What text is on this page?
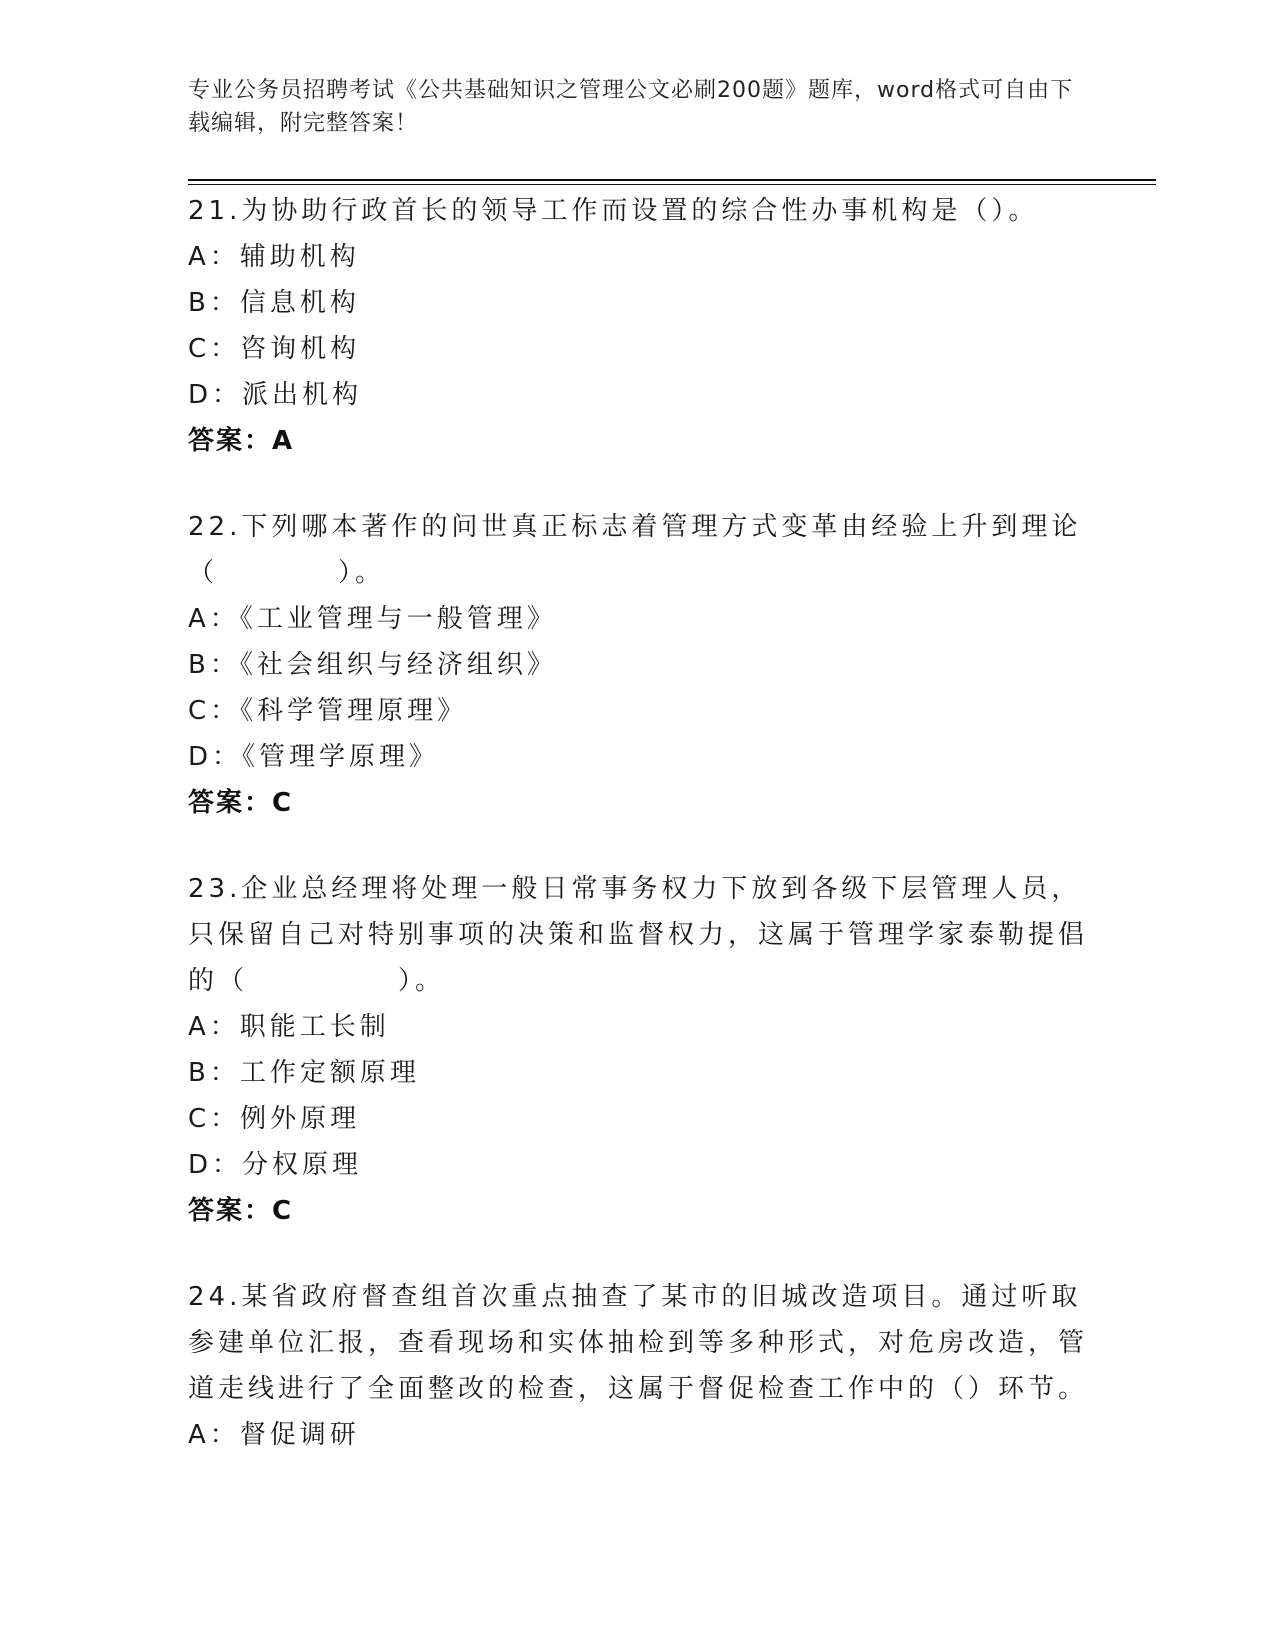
专业公务员招聘考试《公共基础知识之管理公文必刷200题》题库，word格式可自由下载编辑，附完整答案！
21.为协助行政首长的领导工作而设置的综合性办事机构是（）。
A：辅助机构
B：信息机构
C：咨询机构
D：派出机构
答案：A
22.下列哪本著作的问世真正标志着管理方式变革由经验上升到理论（　　　　）。
A：《工业管理与一般管理》
B：《社会组织与经济组织》
C：《科学管理原理》
D：《管理学原理》
答案：C
23.企业总经理将处理一般日常事务权力下放到各级下层管理人员，只保留自己对特别事项的决策和监督权力，这属于管理学家泰勒提倡的（　　　　　）。
A：职能工长制
B：工作定额原理
C：例外原理
D：分权原理
答案：C
24.某省政府督查组首次重点抽查了某市的旧城改造项目。通过听取参建单位汇报，查看现场和实体抽检到等多种形式，对危房改造，管道走线进行了全面整改的检查，这属于督促检查工作中的（）环节。
A：督促调研
